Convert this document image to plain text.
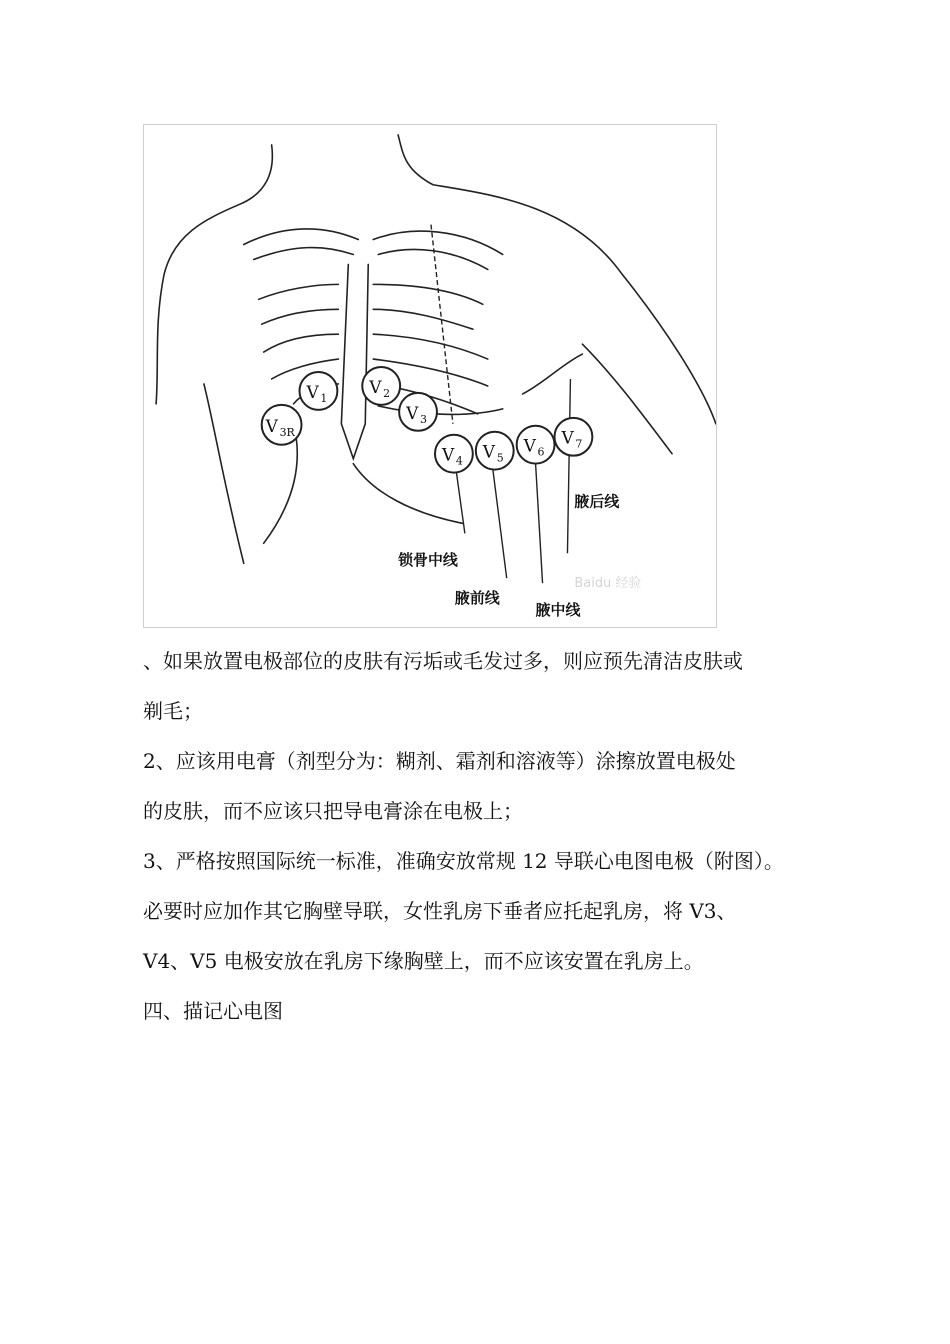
V 1
V 2
V 3
V 3R
V 4 V 5
V 6
V 7
腋后线
锁骨中线
腋前线
腋中线
Baidu 经验

、如果放置电极部位的皮肤有污垢或毛发过多，则应预先清洁皮肤或

剃毛；

2、应该用电膏（剂型分为：糊剂、霜剂和溶液等）涂擦放置电极处

的皮肤，而不应该只把导电膏涂在电极上；

3、严格按照国际统一标准，准确安放常规 12 导联心电图电极（附图）。

必要时应加作其它胸壁导联，女性乳房下垂者应托起乳房，将 V3、

V4、V5 电极安放在乳房下缘胸壁上，而不应该安置在乳房上。

四、描记心电图
